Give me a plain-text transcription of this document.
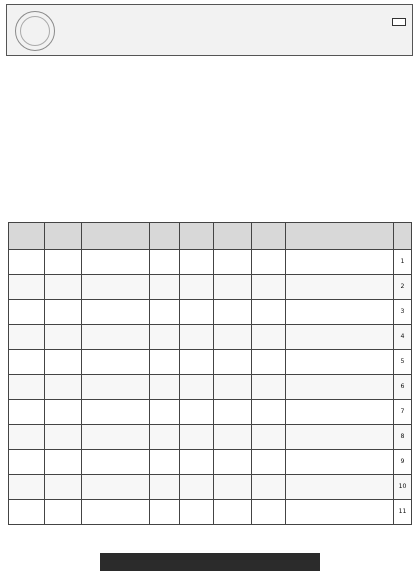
1								
2								
3								
4								
5								
6								
7								
8								
9								
10								
11								
